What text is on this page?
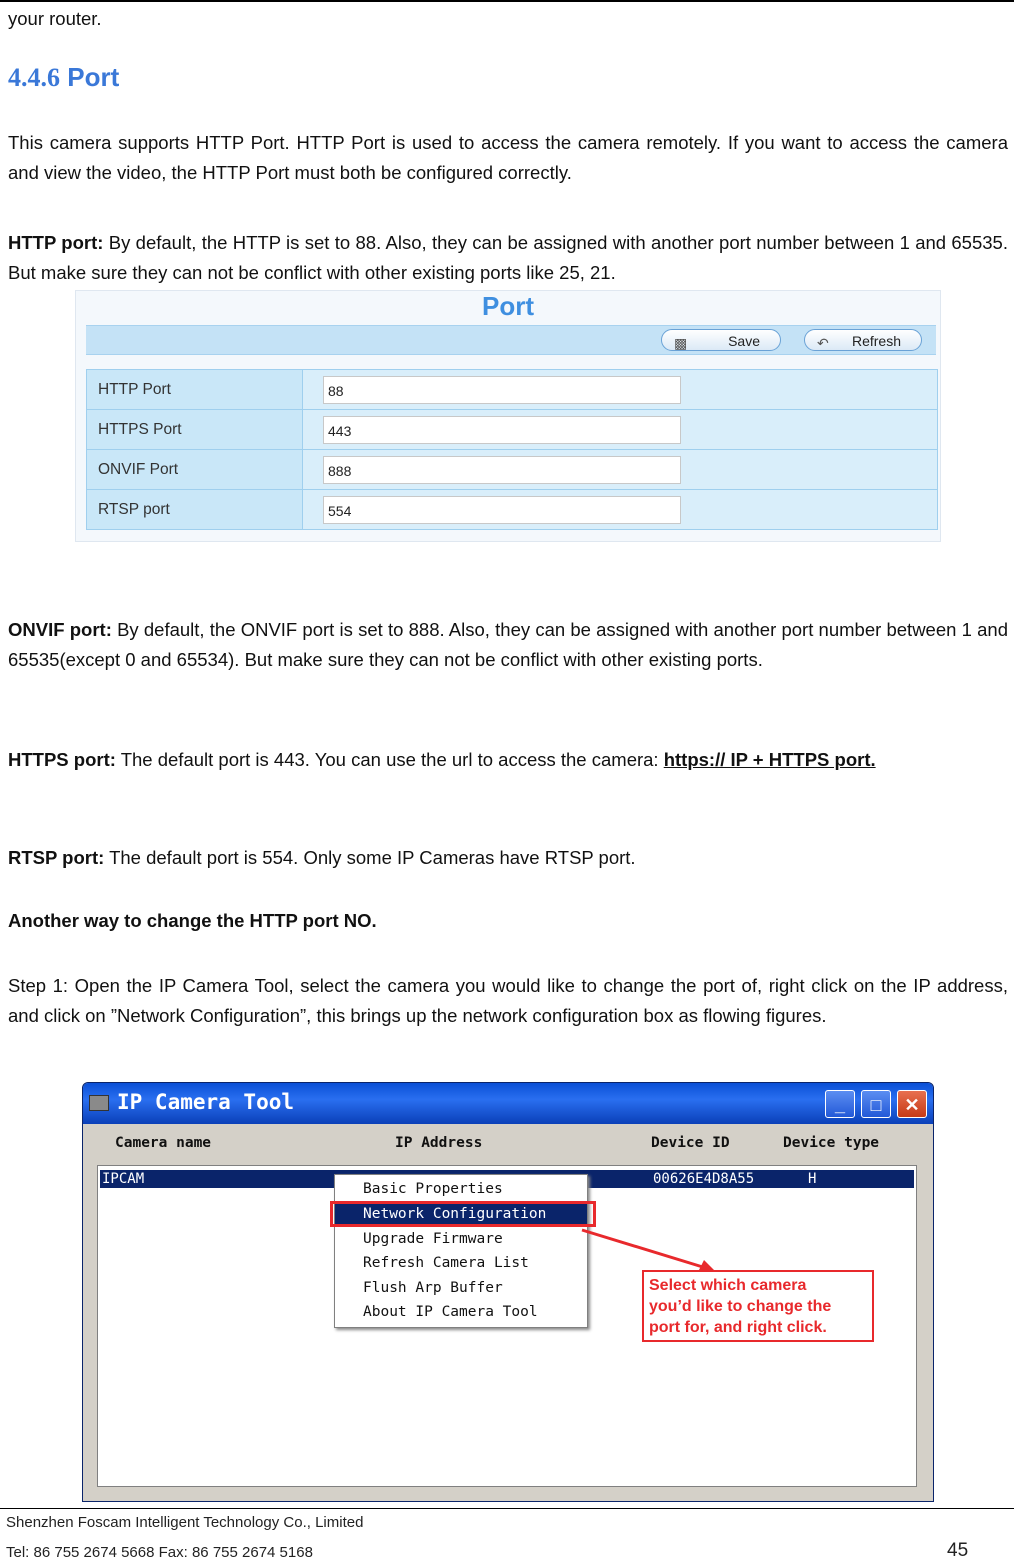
your router.

4.4.6 Port

This camera supports HTTP Port. HTTP Port is used to access the camera remotely. If you want to access the camera and view the video, the HTTP Port must both be configured correctly.

HTTP port: By default, the HTTP is set to 88. Also, they can be assigned with another port number between 1 and 65535. But make sure they can not be conflict with other existing ports like 25, 21.

Port
▩	Save	↶ Refresh
HTTP Port	88

HTTPS Port	443

ONVIF Port	888

RTSP port	554

ONVIF port: By default, the ONVIF port is set to 888. Also, they can be assigned with another port number between 1 and 65535(except 0 and 65534). But make sure they can not be conflict with other existing ports.

HTTPS port: The default port is 443. You can use the url to access the camera: https:// IP + HTTPS port.

RTSP port: The default port is 554. Only some IP Cameras have RTSP port.

Another way to change the HTTP port NO.

Step 1: Open the IP Camera Tool, select the camera you would like to change the port of, right click on the IP address, and click on ”Network Configuration”, this brings up the network configuration box as flowing figures.

IP Camera Tool	_	□	✕
Camera name	IP Address	Device ID	Device type
IPCAM	00626E4D8A55	H
Basic Properties
Network Configuration
Upgrade Firmware
Refresh Camera List
Flush Arp Buffer
About IP Camera Tool
Select which camera
you’d like to change the
port for, and right click.
Shenzhen Foscam Intelligent Technology Co., Limited
Tel: 86 755 2674 5668 Fax: 86 755 2674 5168	45
